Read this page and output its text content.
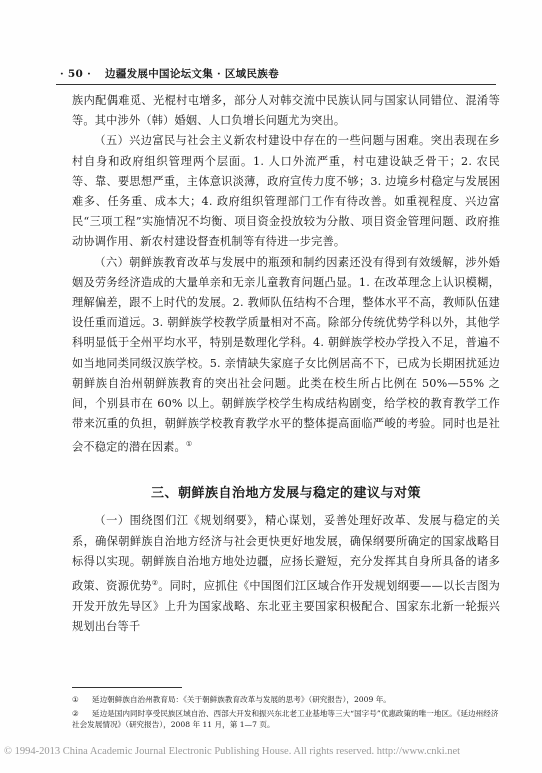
· 50 · 边疆发展中国论坛文集 · 区域民族卷

族内配偶难觅、光棍村屯增多，部分人对韩交流中民族认同与国家认同错位、混淆等等。其中涉外（韩）婚姻、人口负增长问题尤为突出。

（五）兴边富民与社会主义新农村建设中存在的一些问题与困难。突出表现在乡村自身和政府组织管理两个层面。1. 人口外流严重，村屯建设缺乏骨干；2. 农民等、靠、要思想严重，主体意识淡薄，政府宣传力度不够；3. 边境乡村稳定与发展困难多、任务重、成本大；4. 政府组织管理部门工作有待改善。如重视程度、兴边富民“三项工程”实施情况不均衡、项目资金投放较为分散、项目资金管理问题、政府推动协调作用、新农村建设督查机制等有待进一步完善。

（六）朝鲜族教育改革与发展中的瓶颈和制约因素还没有得到有效缓解，涉外婚姻及劳务经济造成的大量单亲和无亲儿童教育问题凸显。1. 在改革理念上认识模糊，理解偏差，跟不上时代的发展。2. 教师队伍结构不合理，整体水平不高，教师队伍建设任重而道远。3. 朝鲜族学校教学质量相对不高。除部分传统优势学科以外，其他学科明显低于全州平均水平，特别是数理化学科。4. 朝鲜族学校办学投入不足，普遍不如当地同类同级汉族学校。5. 亲情缺失家庭子女比例居高不下，已成为长期困扰延边朝鲜族自治州朝鲜族教育的突出社会问题。此类在校生所占比例在 50%—55% 之间，个别县市在 60% 以上。朝鲜族学校学生构成结构剧变，给学校的教育教学工作带来沉重的负担，朝鲜族学校教育教学水平的整体提高面临严峻的考验。同时也是社会不稳定的潜在因素。①

三、朝鲜族自治地方发展与稳定的建议与对策

（一）围绕图们江《规划纲要》，精心谋划，妥善处理好改革、发展与稳定的关系，确保朝鲜族自治地方经济与社会更快更好地发展，确保纲要所确定的国家战略目标得以实现。朝鲜族自治地方地处边疆，应扬长避短，充分发挥其自身所具备的诸多政策、资源优势②。同时，应抓住《中国图们江区域合作开发规划纲要——以长吉图为开发开放先导区》上升为国家战略、东北亚主要国家积极配合、国家东北新一轮振兴规划出台等千

① 延边朝鲜族自治州教育局：《关于朝鲜族教育改革与发展的思考》（研究报告），2009 年。

② 延边是国内同时享受民族区域自治、西部大开发和振兴东北老工业基地等三大“国字号”优惠政策的唯一地区。《延边州经济社会发展情况》（研究报告），2008 年 11 月，第 1—7 页。

© 1994-2013 China Academic Journal Electronic Publishing House. All rights reserved. http://www.cnki.net
